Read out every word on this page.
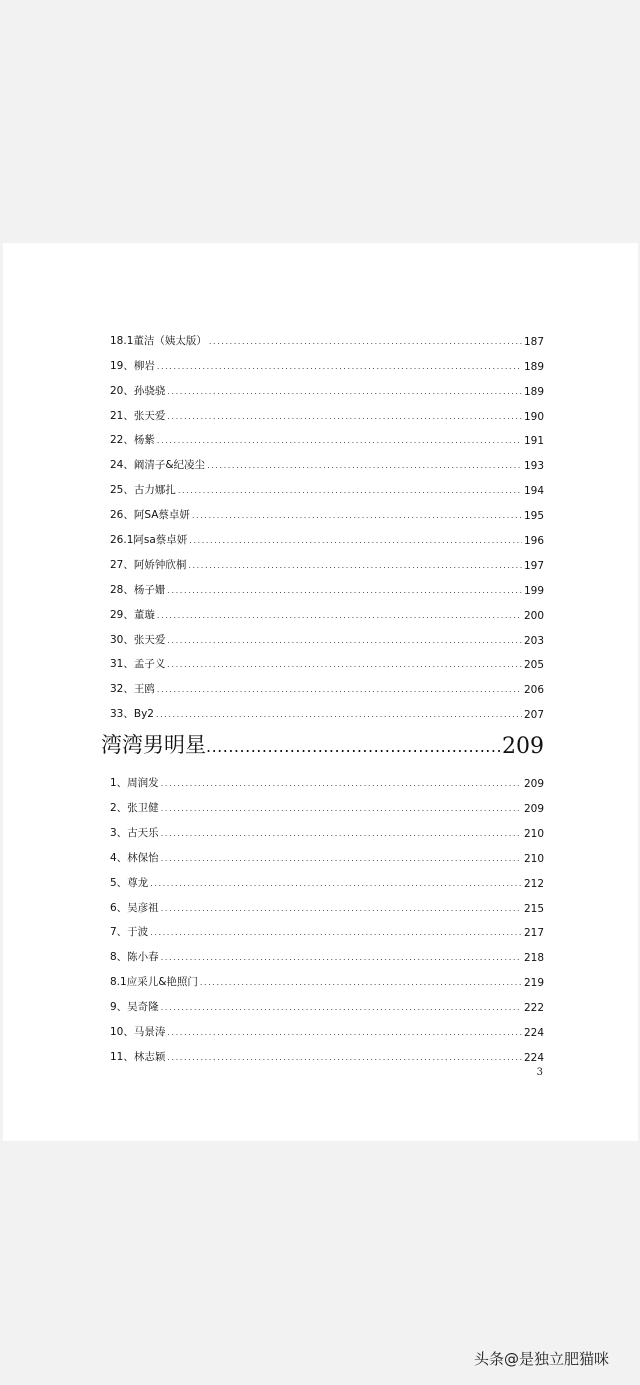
18.1董洁（姨太版） .....	187
19、柳岩 .....	189
20、孙骁骁 .....	189
21、张天爱 .....	190
22、杨紫 .....	191
24、阚清子&纪凌尘 .....	193
25、古力娜扎 .....	194
26、阿SA蔡卓妍 .....	195
26.1阿sa蔡卓妍 .....	196
27、阿娇钟欣桐 .....	197
28、杨子姗 .....	199
29、董璇 .....	200
30、张天爱 .....	203
31、孟子义 .....	205
32、王鸥 .....	206
33、By2 .....	207
湾湾男明星 .....	209
1、周润发 .....	209
2、张卫健 .....	209
3、古天乐 .....	210
4、林保怡 .....	210
5、尊龙 .....	212
6、吴彦祖 .....	215
7、于波 .....	217
8、陈小春 .....	218
8.1应采儿&艳照门 .....	219
9、吴奇隆 .....	222
10、马景涛 .....	224
11、林志颖 .....	224
3
头条@是独立肥猫咪
